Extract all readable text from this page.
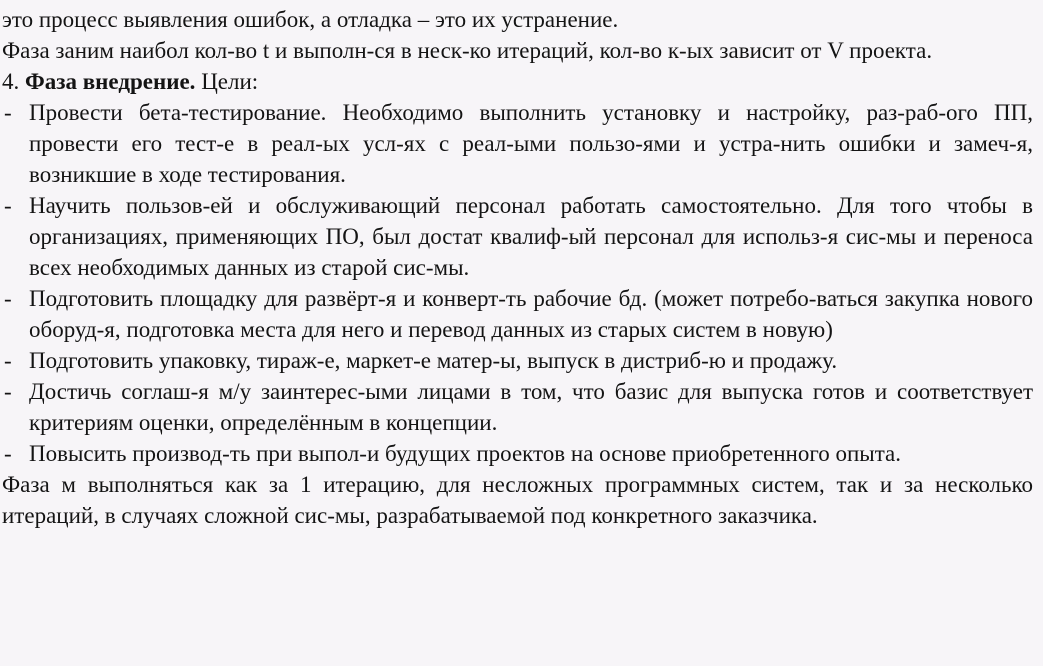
это процесс выявления ошибок, а отладка – это их устранение.

Фаза заним наибол кол-во t и выполн-ся в неск-ко итераций, кол-во к-ых зависит от V проекта.

4. Фаза внедрение. Цели:

- Провести бета-тестирование. Необходимо выполнить установку и настройку, раз-раб-ого ПП, провести его тест-е в реал-ых усл-ях с реал-ыми пользо-ями и устра-нить ошибки и замеч-я, возникшие в ходе тестирования.
- Научить пользов-ей и обслуживающий персонал работать самостоятельно. Для того чтобы в организациях, применяющих ПО, был достат квалиф-ый персонал для использ-я сис-мы и переноса всех необходимых данных из старой сис-мы.
- Подготовить площадку для развёрт-я и конверт-ть рабочие бд. (может потребо-ваться закупка нового оборуд-я, подготовка места для него и перевод данных из старых систем в новую)
- Подготовить упаковку, тираж-е, маркет-е матер-ы, выпуск в дистриб-ю и продажу.
- Достичь соглаш-я м/у заинтерес-ыми лицами в том, что базис для выпуска готов и соответствует критериям оценки, определённым в концепции.
- Повысить производ-ть при выпол-и будущих проектов на основе приобретенного опыта.

Фаза м выполняться как за 1 итерацию, для несложных программных систем, так и за несколько итераций, в случаях сложной сис-мы, разрабатываемой под конкретного заказчика.
